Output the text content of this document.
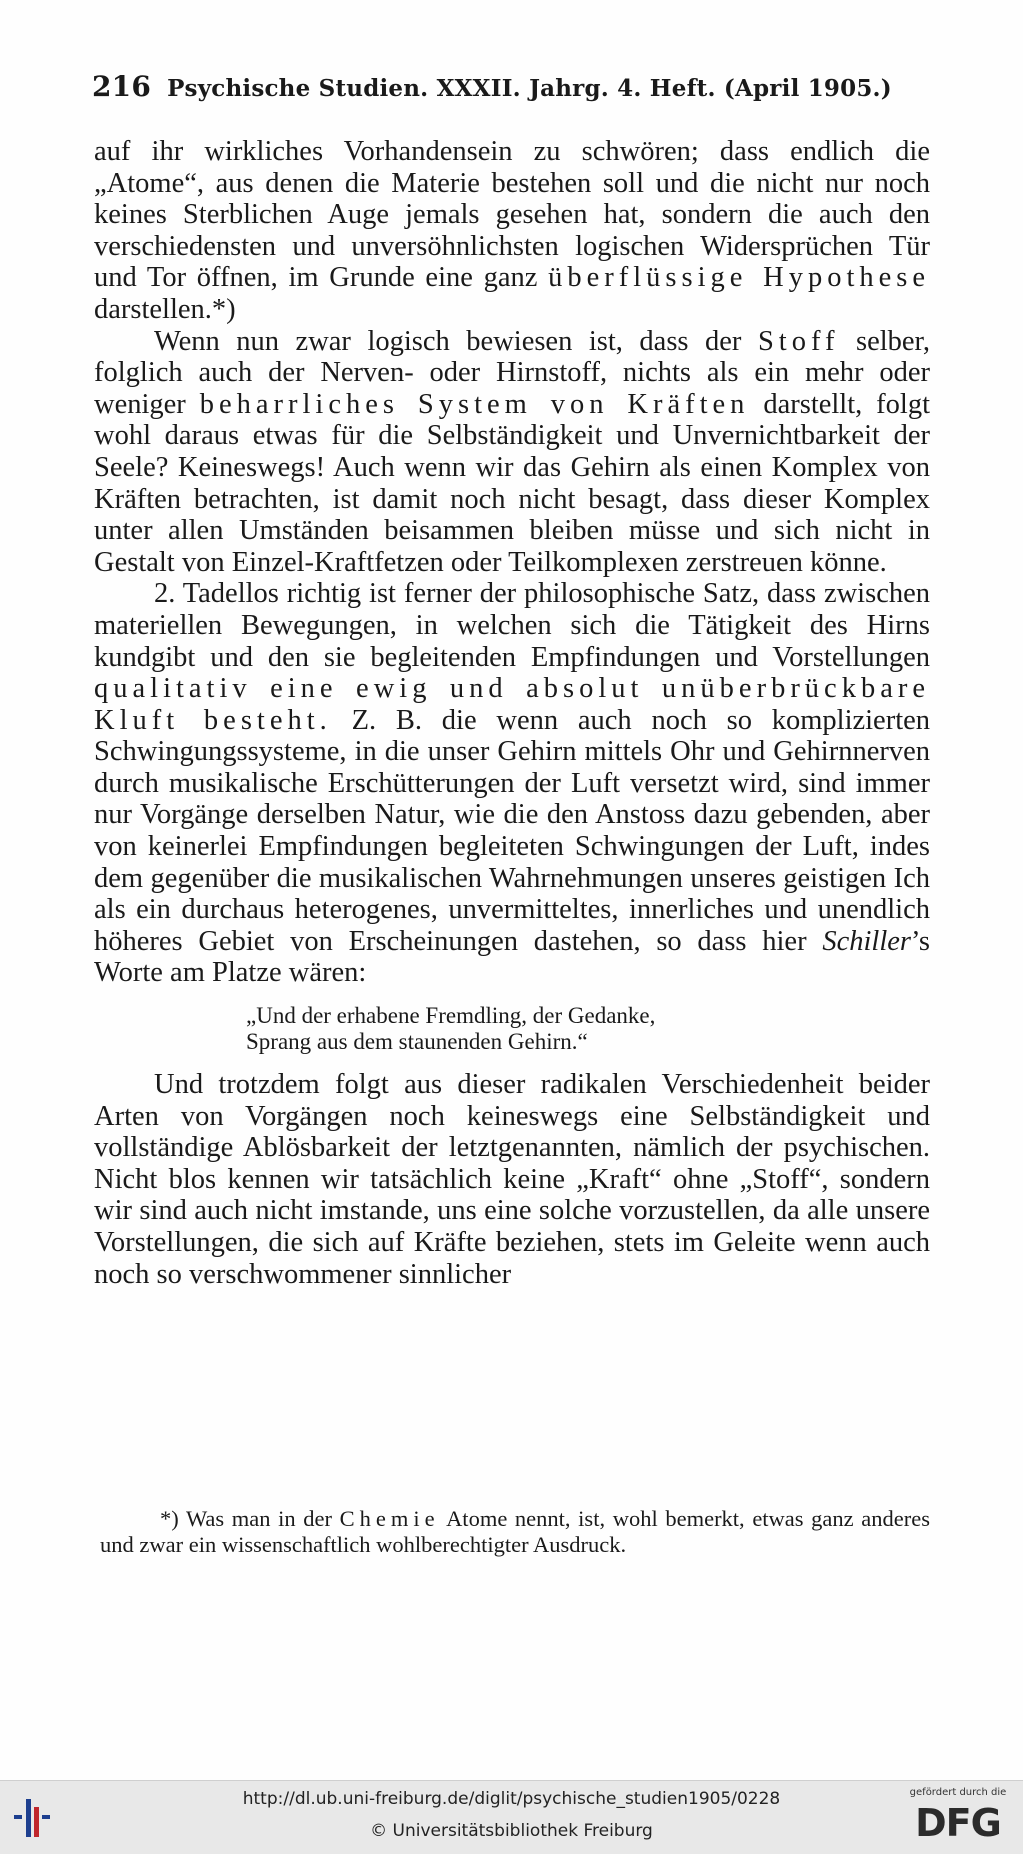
216 Psychische Studien. XXXII. Jahrg. 4. Heft. (April 1905.)

auf ihr wirkliches Vorhandensein zu schwören; dass endlich die „Atome“, aus denen die Materie bestehen soll und die nicht nur noch keines Sterblichen Auge jemals gesehen hat, sondern die auch den verschiedensten und unversöhnlichsten logischen Widersprüchen Tür und Tor öffnen, im Grunde eine ganz überflüssige Hypothese darstellen.*)

Wenn nun zwar logisch bewiesen ist, dass der Stoff selber, folglich auch der Nerven- oder Hirnstoff, nichts als ein mehr oder weniger beharrliches System von Kräften darstellt, folgt wohl daraus etwas für die Selbständigkeit und Unvernichtbarkeit der Seele? Keineswegs! Auch wenn wir das Gehirn als einen Komplex von Kräften betrachten, ist damit noch nicht besagt, dass dieser Komplex unter allen Umständen beisammen bleiben müsse und sich nicht in Gestalt von Einzel-Kraftfetzen oder Teilkomplexen zerstreuen könne.

2. Tadellos richtig ist ferner der philosophische Satz, dass zwischen materiellen Bewegungen, in welchen sich die Tätigkeit des Hirns kundgibt und den sie begleitenden Empfindungen und Vorstellungen qualitativ eine ewig und absolut unüberbrückbare Kluft besteht. Z. B. die wenn auch noch so komplizierten Schwingungssysteme, in die unser Gehirn mittels Ohr und Gehirnnerven durch musikalische Erschütterungen der Luft versetzt wird, sind immer nur Vorgänge derselben Natur, wie die den Anstoss dazu gebenden, aber von keinerlei Empfindungen begleiteten Schwingungen der Luft, indes dem gegenüber die musikalischen Wahrnehmungen unseres geistigen Ich als ein durchaus heterogenes, unvermitteltes, innerliches und unendlich höheres Gebiet von Erscheinungen dastehen, so dass hier Schiller’s Worte am Platze wären:

„Und der erhabene Fremdling, der Gedanke,
Sprang aus dem staunenden Gehirn.“

Und trotzdem folgt aus dieser radikalen Verschiedenheit beider Arten von Vorgängen noch keineswegs eine Selbständigkeit und vollständige Ablösbarkeit der letztgenannten, nämlich der psychischen. Nicht blos kennen wir tatsächlich keine „Kraft“ ohne „Stoff“, sondern wir sind auch nicht imstande, uns eine solche vorzustellen, da alle unsere Vorstellungen, die sich auf Kräfte beziehen, stets im Geleite wenn auch noch so verschwommener sinnlicher

*) Was man in der Chemie Atome nennt, ist, wohl bemerkt, etwas ganz anderes und zwar ein wissenschaftlich wohlberechtigter Ausdruck.

http://dl.ub.uni-freiburg.de/diglit/psychische_studien1905/0228
© Universitätsbibliothek Freiburg
gefördert durch die
DFG
